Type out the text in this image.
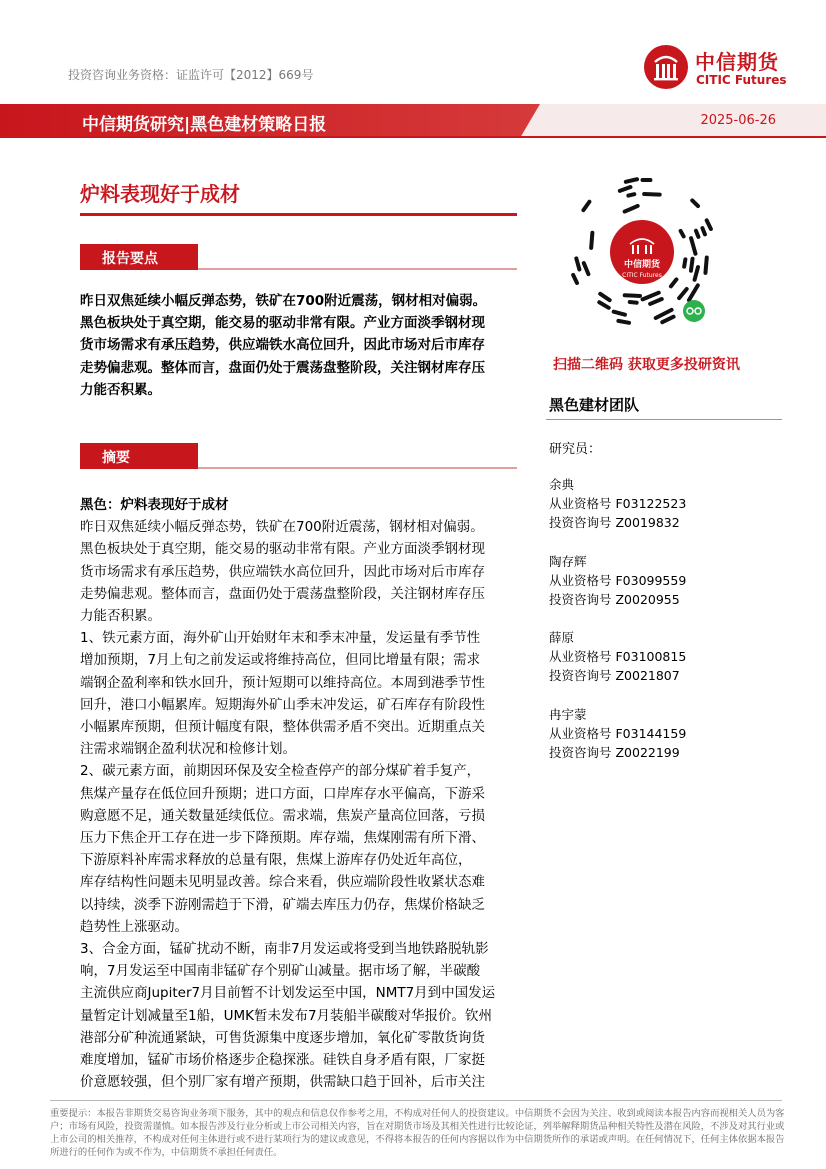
投资咨询业务资格：证监许可【2012】669号
中信期货
CITIC Futures
中信期货研究|黑色建材策略日报	2025-06-26
炉料表现好于成材
报告要点

昨日双焦延续小幅反弹态势，铁矿在700附近震荡，钢材相对偏弱。

黑色板块处于真空期，能交易的驱动非常有限。产业方面淡季钢材现

货市场需求有承压趋势，供应端铁水高位回升，因此市场对后市库存

走势偏悲观。整体而言，盘面仍处于震荡盘整阶段，关注钢材库存压

力能否积累。

摘要

黑色：炉料表现好于成材

昨日双焦延续小幅反弹态势，铁矿在700附近震荡，钢材相对偏弱。

黑色板块处于真空期，能交易的驱动非常有限。产业方面淡季钢材现

货市场需求有承压趋势，供应端铁水高位回升，因此市场对后市库存

走势偏悲观。整体而言，盘面仍处于震荡盘整阶段，关注钢材库存压

力能否积累。

1、铁元素方面，海外矿山开始财年末和季末冲量，发运量有季节性

增加预期，7月上旬之前发运或将维持高位，但同比增量有限；需求

端钢企盈利率和铁水回升，预计短期可以维持高位。本周到港季节性

回升，港口小幅累库。短期海外矿山季末冲发运，矿石库存有阶段性

小幅累库预期，但预计幅度有限，整体供需矛盾不突出。近期重点关

注需求端钢企盈利状况和检修计划。

2、碳元素方面，前期因环保及安全检查停产的部分煤矿着手复产，

焦煤产量存在低位回升预期；进口方面，口岸库存水平偏高，下游采

购意愿不足，通关数量延续低位。需求端，焦炭产量高位回落，亏损

压力下焦企开工存在进一步下降预期。库存端，焦煤刚需有所下滑、

下游原料补库需求释放的总量有限，焦煤上游库存仍处近年高位，

库存结构性问题未见明显改善。综合来看，供应端阶段性收紧状态难

以持续，淡季下游刚需趋于下滑，矿端去库压力仍存，焦煤价格缺乏

趋势性上涨驱动。

3、合金方面，锰矿扰动不断，南非7月发运或将受到当地铁路脱轨影

响，7月发运至中国南非锰矿存个别矿山减量。据市场了解，半碳酸

主流供应商Jupiter7月目前暂不计划发运至中国，NMT7月到中国发运

量暂定计划减量至1船，UMK暂未发布7月装船半碳酸对华报价。钦州

港部分矿种流通紧缺，可售货源集中度逐步增加，氧化矿零散货询货

难度增加，锰矿市场价格逐步企稳探涨。硅铁自身矛盾有限，厂家挺

价意愿较强，但个别厂家有增产预期，供需缺口趋于回补，后市关注

中信期货
CITIC Futures
扫描二维码 获取更多投研资讯
黑色建材团队
研究员：
余典
从业资格号 F03122523
投资咨询号 Z0019832
陶存辉
从业资格号 F03099559
投资咨询号 Z0020955
薛原
从业资格号 F03100815
投资咨询号 Z0021807
冉宇蒙
从业资格号 F03144159
投资咨询号 Z0022199
重要提示：本报告非期货交易咨询业务项下服务，其中的观点和信息仅作参考之用，不构成对任何人的投资建议。中信期货不会因为关注、收到或阅读本报告内容而视相关人员为客户；市场有风险，投资需谨慎。如本报告涉及行业分析或上市公司相关内容，旨在对期货市场及其相关性进行比较论证，列举解释期货品种相关特性及潜在风险，不涉及对其行业或上市公司的相关推荐，不构成对任何主体进行或不进行某项行为的建议或意见，不得将本报告的任何内容据以作为中信期货所作的承诺或声明。在任何情况下，任何主体依据本报告所进行的任何作为或不作为，中信期货不承担任何责任。
